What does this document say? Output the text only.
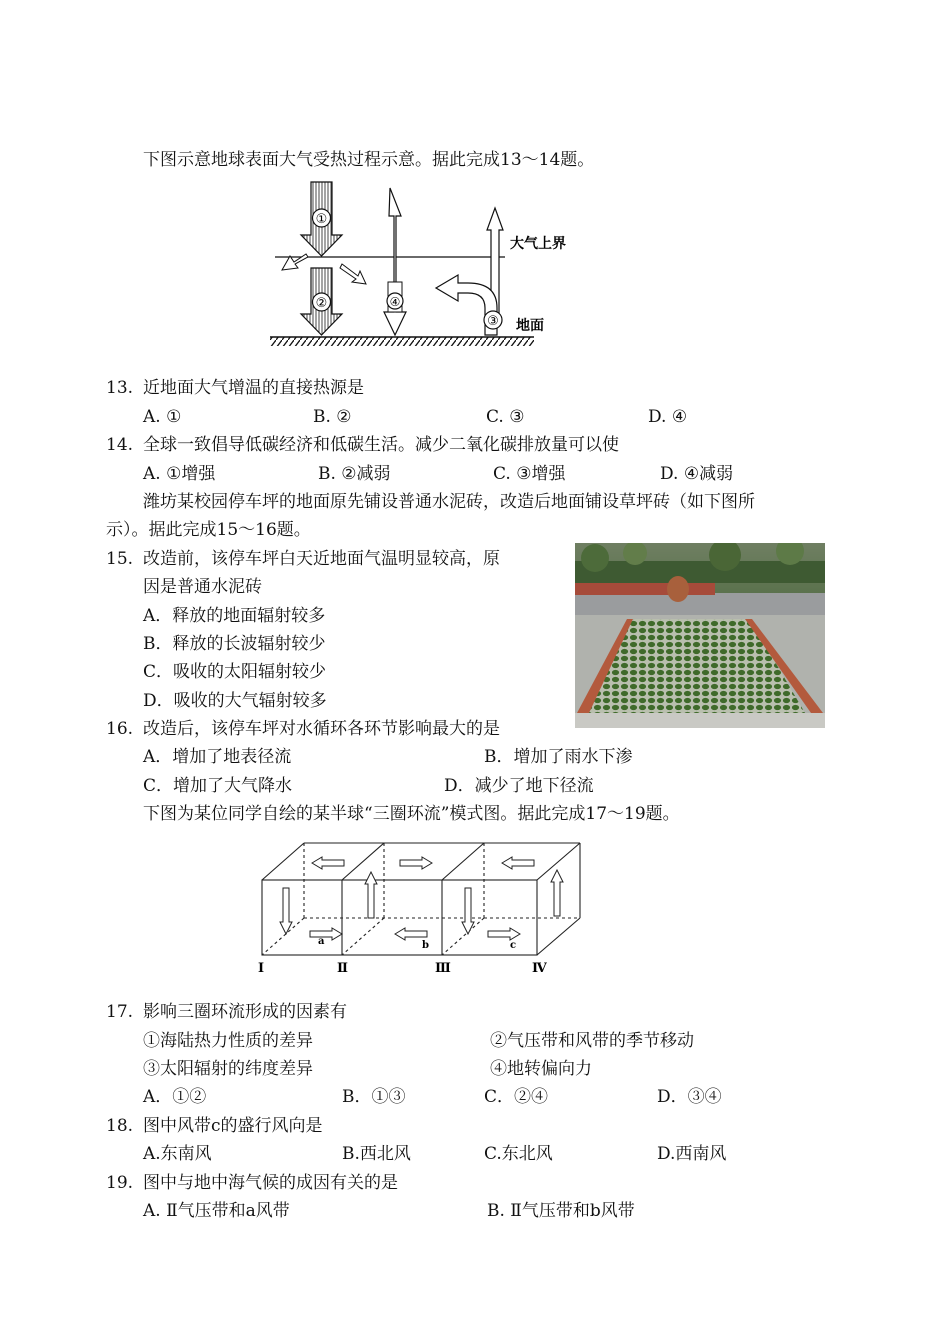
下图示意地球表面大气受热过程示意。据此完成13～14题。
①
②	④
③
大气上界
地面
13. 近地面大气增温的直接热源是
A. ①	B. ②	C. ③	D. ④
14. 全球一致倡导低碳经济和低碳生活。减少二氧化碳排放量可以使
A. ①增强	B. ②减弱	C. ③增强	D. ④减弱
潍坊某校园停车坪的地面原先铺设普通水泥砖，改造后地面铺设草坪砖（如下图所
示）。据此完成15～16题。
15. 改造前，该停车坪白天近地面气温明显较高，原
因是普通水泥砖
A．释放的地面辐射较多
B．释放的长波辐射较少
C．吸收的太阳辐射较少
D．吸收的大气辐射较多
16. 改造后，该停车坪对水循环各环节影响最大的是
A．增加了地表径流	B．增加了雨水下渗
C．增加了大气降水	D．减少了地下径流
下图为某位同学自绘的某半球“三圈环流”模式图。据此完成17～19题。
a	b	c
Ⅰ	Ⅱ	Ⅲ	Ⅳ
17. 影响三圈环流形成的因素有
①海陆热力性质的差异	②气压带和风带的季节移动
③太阳辐射的纬度差异	④地转偏向力
A．①②	B．①③	C．②④	D．③④
18. 图中风带c的盛行风向是
A.东南风	B.西北风	C.东北风	D.西南风
19. 图中与地中海气候的成因有关的是
A. Ⅱ气压带和a风带	B. Ⅱ气压带和b风带
